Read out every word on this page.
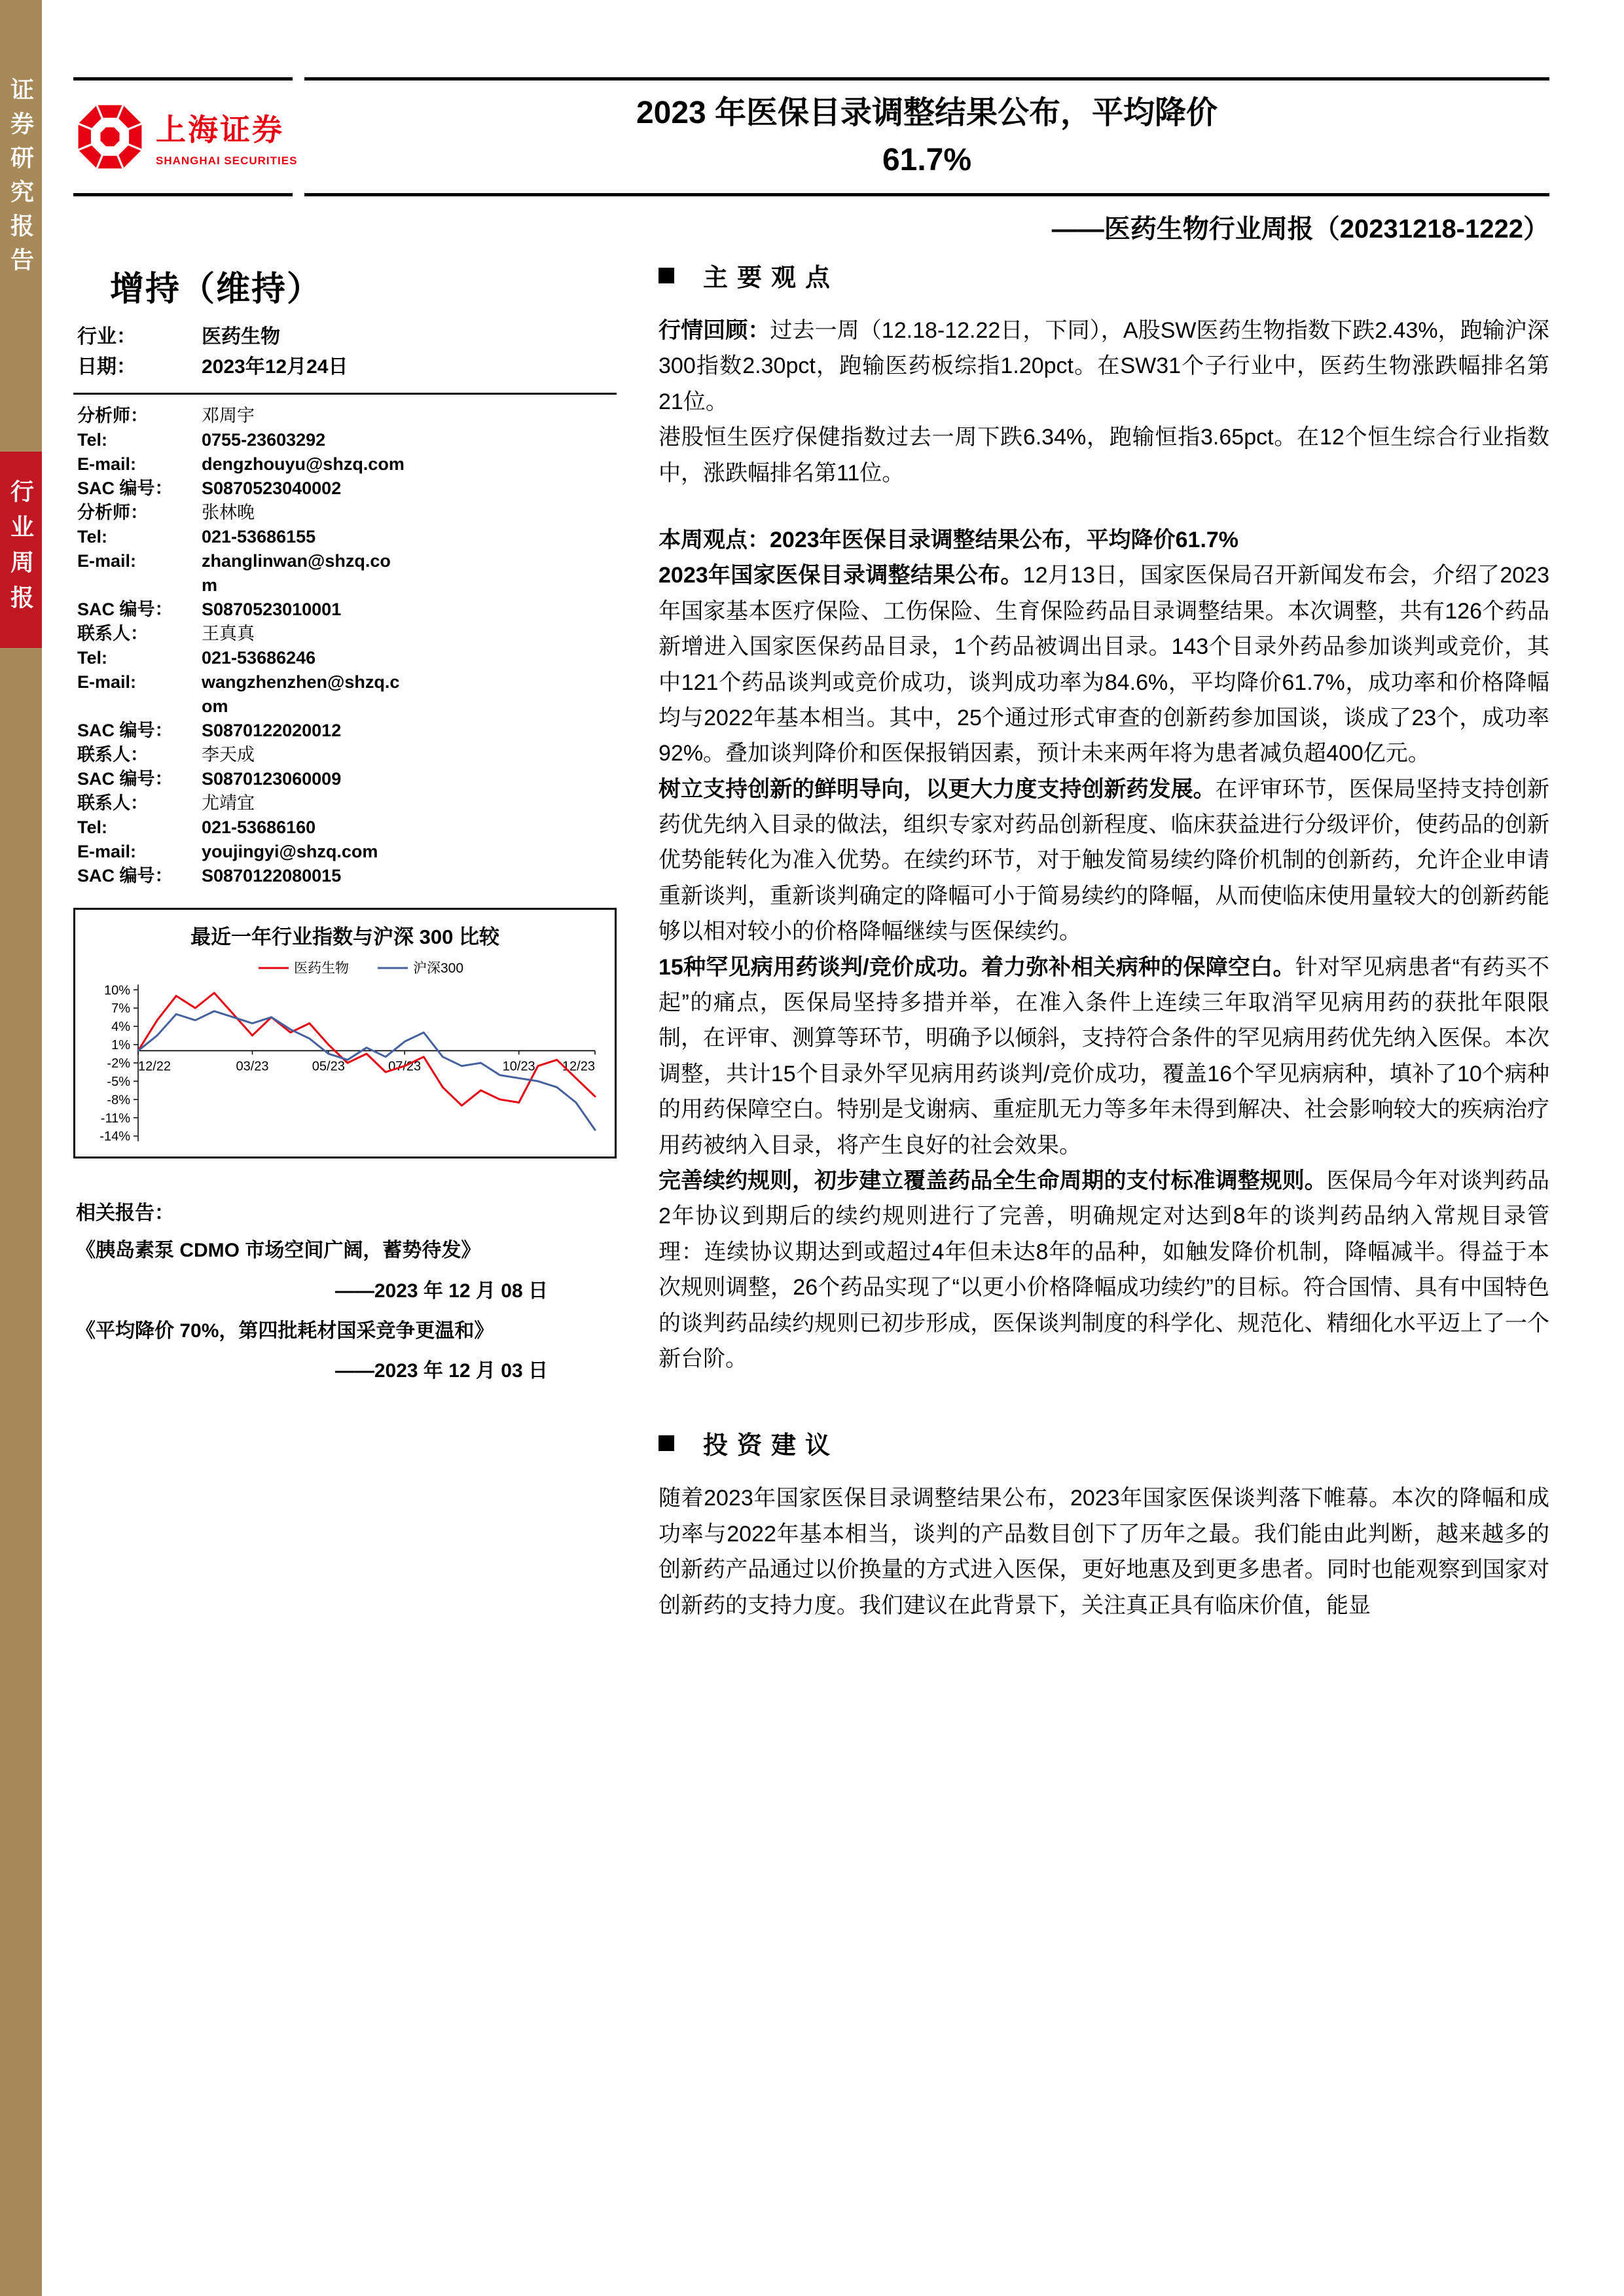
证券研究报告
行业周报
上海证券
SHANGHAI SECURITIES
2023 年医保目录调整结果公布，平均降价 61.7%
——医药生物行业周报（20231218-1222）
增持（维持）
行业：	医药生物
日期：	2023年12月24日
分析师：	邓周宇
Tel:	0755-23603292
E-mail:	dengzhouyu@shzq.com
SAC 编号：	S0870523040002
分析师：	张林晚
Tel:	021-53686155
E-mail:	zhanglinwan@shzq.com
SAC 编号：	S0870523010001
联系人：	王真真
Tel:	021-53686246
E-mail:	wangzhenzhen@shzq.com
SAC 编号：	S0870122020012
联系人：	李天成
SAC 编号：	S0870123060009
联系人：	尤靖宜
Tel:	021-53686160
E-mail:	youjingyi@shzq.com
SAC 编号：	S0870122080015
最近一年行业指数与沪深 300 比较
10%
7%
4%
1%
-2%
-5%
-8%
-11%
-14%
12/22	03/23	05/23	07/23	10/23 12/23
医药生物	沪深300
相关报告：
《胰岛素泵 CDMO 市场空间广阔，蓄势待发》
——2023 年 12 月 08 日
《平均降价 70%，第四批耗材国采竞争更温和》
——2023 年 12 月 03 日
主要观点

行情回顾：过去一周（12.18-12.22日，下同），A股SW医药生物指数下跌2.43%，跑输沪深300指数2.30pct，跑输医药板综指1.20pct。在SW31个子行业中，医药生物涨跌幅排名第21位。

港股恒生医疗保健指数过去一周下跌6.34%，跑输恒指3.65pct。在12个恒生综合行业指数中，涨跌幅排名第11位。

本周观点：2023年医保目录调整结果公布，平均降价61.7%

2023年国家医保目录调整结果公布。12月13日，国家医保局召开新闻发布会，介绍了2023年国家基本医疗保险、工伤保险、生育保险药品目录调整结果。本次调整，共有126个药品新增进入国家医保药品目录，1个药品被调出目录。143个目录外药品参加谈判或竞价，其中121个药品谈判或竞价成功，谈判成功率为84.6%，平均降价61.7%，成功率和价格降幅均与2022年基本相当。其中，25个通过形式审查的创新药参加国谈，谈成了23个，成功率92%。叠加谈判降价和医保报销因素，预计未来两年将为患者减负超400亿元。

树立支持创新的鲜明导向，以更大力度支持创新药发展。在评审环节，医保局坚持支持创新药优先纳入目录的做法，组织专家对药品创新程度、临床获益进行分级评价，使药品的创新优势能转化为准入优势。在续约环节，对于触发简易续约降价机制的创新药，允许企业申请重新谈判，重新谈判确定的降幅可小于简易续约的降幅，从而使临床使用量较大的创新药能够以相对较小的价格降幅继续与医保续约。

15种罕见病用药谈判/竞价成功。着力弥补相关病种的保障空白。针对罕见病患者“有药买不起”的痛点，医保局坚持多措并举，在准入条件上连续三年取消罕见病用药的获批年限限制，在评审、测算等环节，明确予以倾斜，支持符合条件的罕见病用药优先纳入医保。本次调整，共计15个目录外罕见病用药谈判/竞价成功，覆盖16个罕见病病种，填补了10个病种的用药保障空白。特别是戈谢病、重症肌无力等多年未得到解决、社会影响较大的疾病治疗用药被纳入目录，将产生良好的社会效果。

完善续约规则，初步建立覆盖药品全生命周期的支付标准调整规则。医保局今年对谈判药品2年协议到期后的续约规则进行了完善，明确规定对达到8年的谈判药品纳入常规目录管理：连续协议期达到或超过4年但未达8年的品种，如触发降价机制，降幅减半。得益于本次规则调整，26个药品实现了“以更小价格降幅成功续约”的目标。符合国情、具有中国特色的谈判药品续约规则已初步形成，医保谈判制度的科学化、规范化、精细化水平迈上了一个新台阶。

投资建议

随着2023年国家医保目录调整结果公布，2023年国家医保谈判落下帷幕。本次的降幅和成功率与2022年基本相当，谈判的产品数目创下了历年之最。我们能由此判断，越来越多的创新药产品通过以价换量的方式进入医保，更好地惠及到更多患者。同时也能观察到国家对创新药的支持力度。我们建议在此背景下，关注真正具有临床价值，能显
